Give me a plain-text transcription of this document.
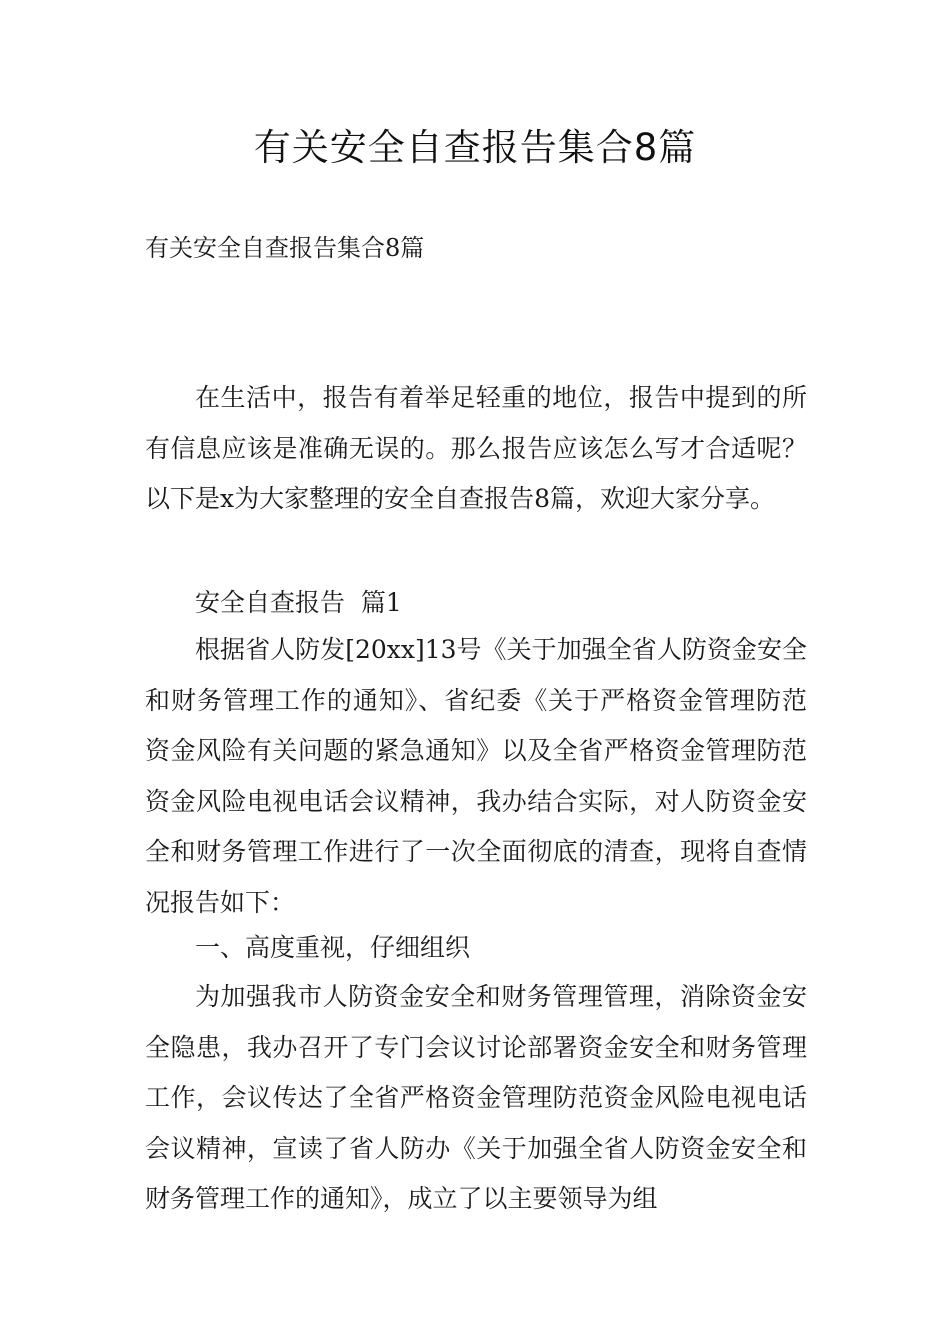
有关安全自查报告集合8篇
有关安全自查报告集合8篇
在生活中，报告有着举足轻重的地位，报告中提到的所有信息应该是准确无误的。那么报告应该怎么写才合适呢？以下是x为大家整理的安全自查报告8篇，欢迎大家分享。
安全自查报告  篇1
根据省人防发[20xx]13号《关于加强全省人防资金安全和财务管理工作的通知》、省纪委《关于严格资金管理防范资金风险有关问题的紧急通知》以及全省严格资金管理防范资金风险电视电话会议精神，我办结合实际，对人防资金安全和财务管理工作进行了一次全面彻底的清查，现将自查情况报告如下：
一、高度重视，仔细组织
为加强我市人防资金安全和财务管理管理，消除资金安全隐患，我办召开了专门会议讨论部署资金安全和财务管理工作，会议传达了全省严格资金管理防范资金风险电视电话会议精神，宣读了省人防办《关于加强全省人防资金安全和财务管理工作的通知》，成立了以主要领导为组
